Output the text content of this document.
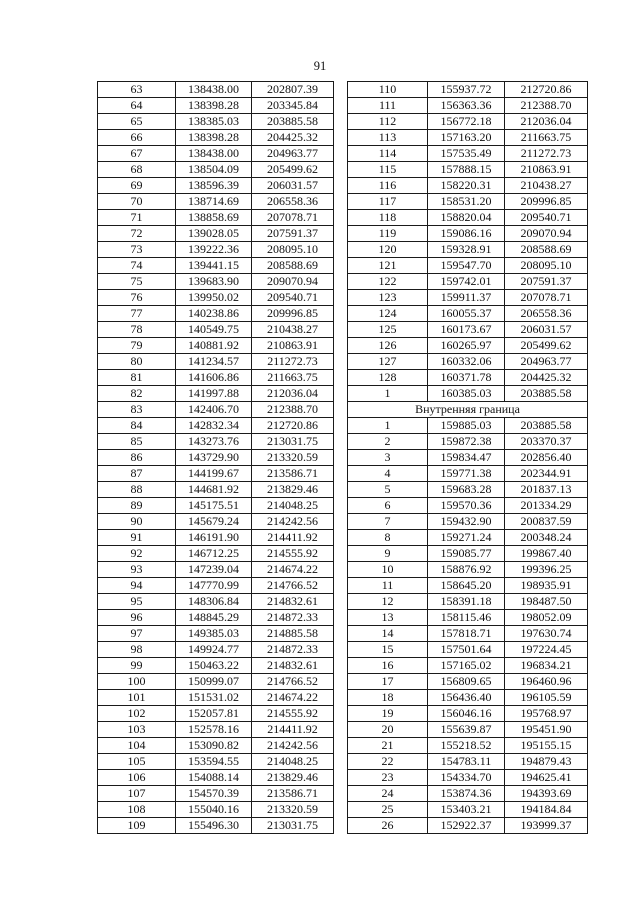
91
63	138438.00	202807.39
64	138398.28	203345.84
65	138385.03	203885.58
66	138398.28	204425.32
67	138438.00	204963.77
68	138504.09	205499.62
69	138596.39	206031.57
70	138714.69	206558.36
71	138858.69	207078.71
72	139028.05	207591.37
73	139222.36	208095.10
74	139441.15	208588.69
75	139683.90	209070.94
76	139950.02	209540.71
77	140238.86	209996.85
78	140549.75	210438.27
79	140881.92	210863.91
80	141234.57	211272.73
81	141606.86	211663.75
82	141997.88	212036.04
83	142406.70	212388.70
84	142832.34	212720.86
85	143273.76	213031.75
86	143729.90	213320.59
87	144199.67	213586.71
88	144681.92	213829.46
89	145175.51	214048.25
90	145679.24	214242.56
91	146191.90	214411.92
92	146712.25	214555.92
93	147239.04	214674.22
94	147770.99	214766.52
95	148306.84	214832.61
96	148845.29	214872.33
97	149385.03	214885.58
98	149924.77	214872.33
99	150463.22	214832.61
100	150999.07	214766.52
101	151531.02	214674.22
102	152057.81	214555.92
103	152578.16	214411.92
104	153090.82	214242.56
105	153594.55	214048.25
106	154088.14	213829.46
107	154570.39	213586.71
108	155040.16	213320.59
109	155496.30	213031.75
110	155937.72	212720.86
111	156363.36	212388.70
112	156772.18	212036.04
113	157163.20	211663.75
114	157535.49	211272.73
115	157888.15	210863.91
116	158220.31	210438.27
117	158531.20	209996.85
118	158820.04	209540.71
119	159086.16	209070.94
120	159328.91	208588.69
121	159547.70	208095.10
122	159742.01	207591.37
123	159911.37	207078.71
124	160055.37	206558.36
125	160173.67	206031.57
126	160265.97	205499.62
127	160332.06	204963.77
128	160371.78	204425.32
1	160385.03	203885.58
Внутренняя граница		
1	159885.03	203885.58
2	159872.38	203370.37
3	159834.47	202856.40
4	159771.38	202344.91
5	159683.28	201837.13
6	159570.36	201334.29
7	159432.90	200837.59
8	159271.24	200348.24
9	159085.77	199867.40
10	158876.92	199396.25
11	158645.20	198935.91
12	158391.18	198487.50
13	158115.46	198052.09
14	157818.71	197630.74
15	157501.64	197224.45
16	157165.02	196834.21
17	156809.65	196460.96
18	156436.40	196105.59
19	156046.16	195768.97
20	155639.87	195451.90
21	155218.52	195155.15
22	154783.11	194879.43
23	154334.70	194625.41
24	153874.36	194393.69
25	153403.21	194184.84
26	152922.37	193999.37
